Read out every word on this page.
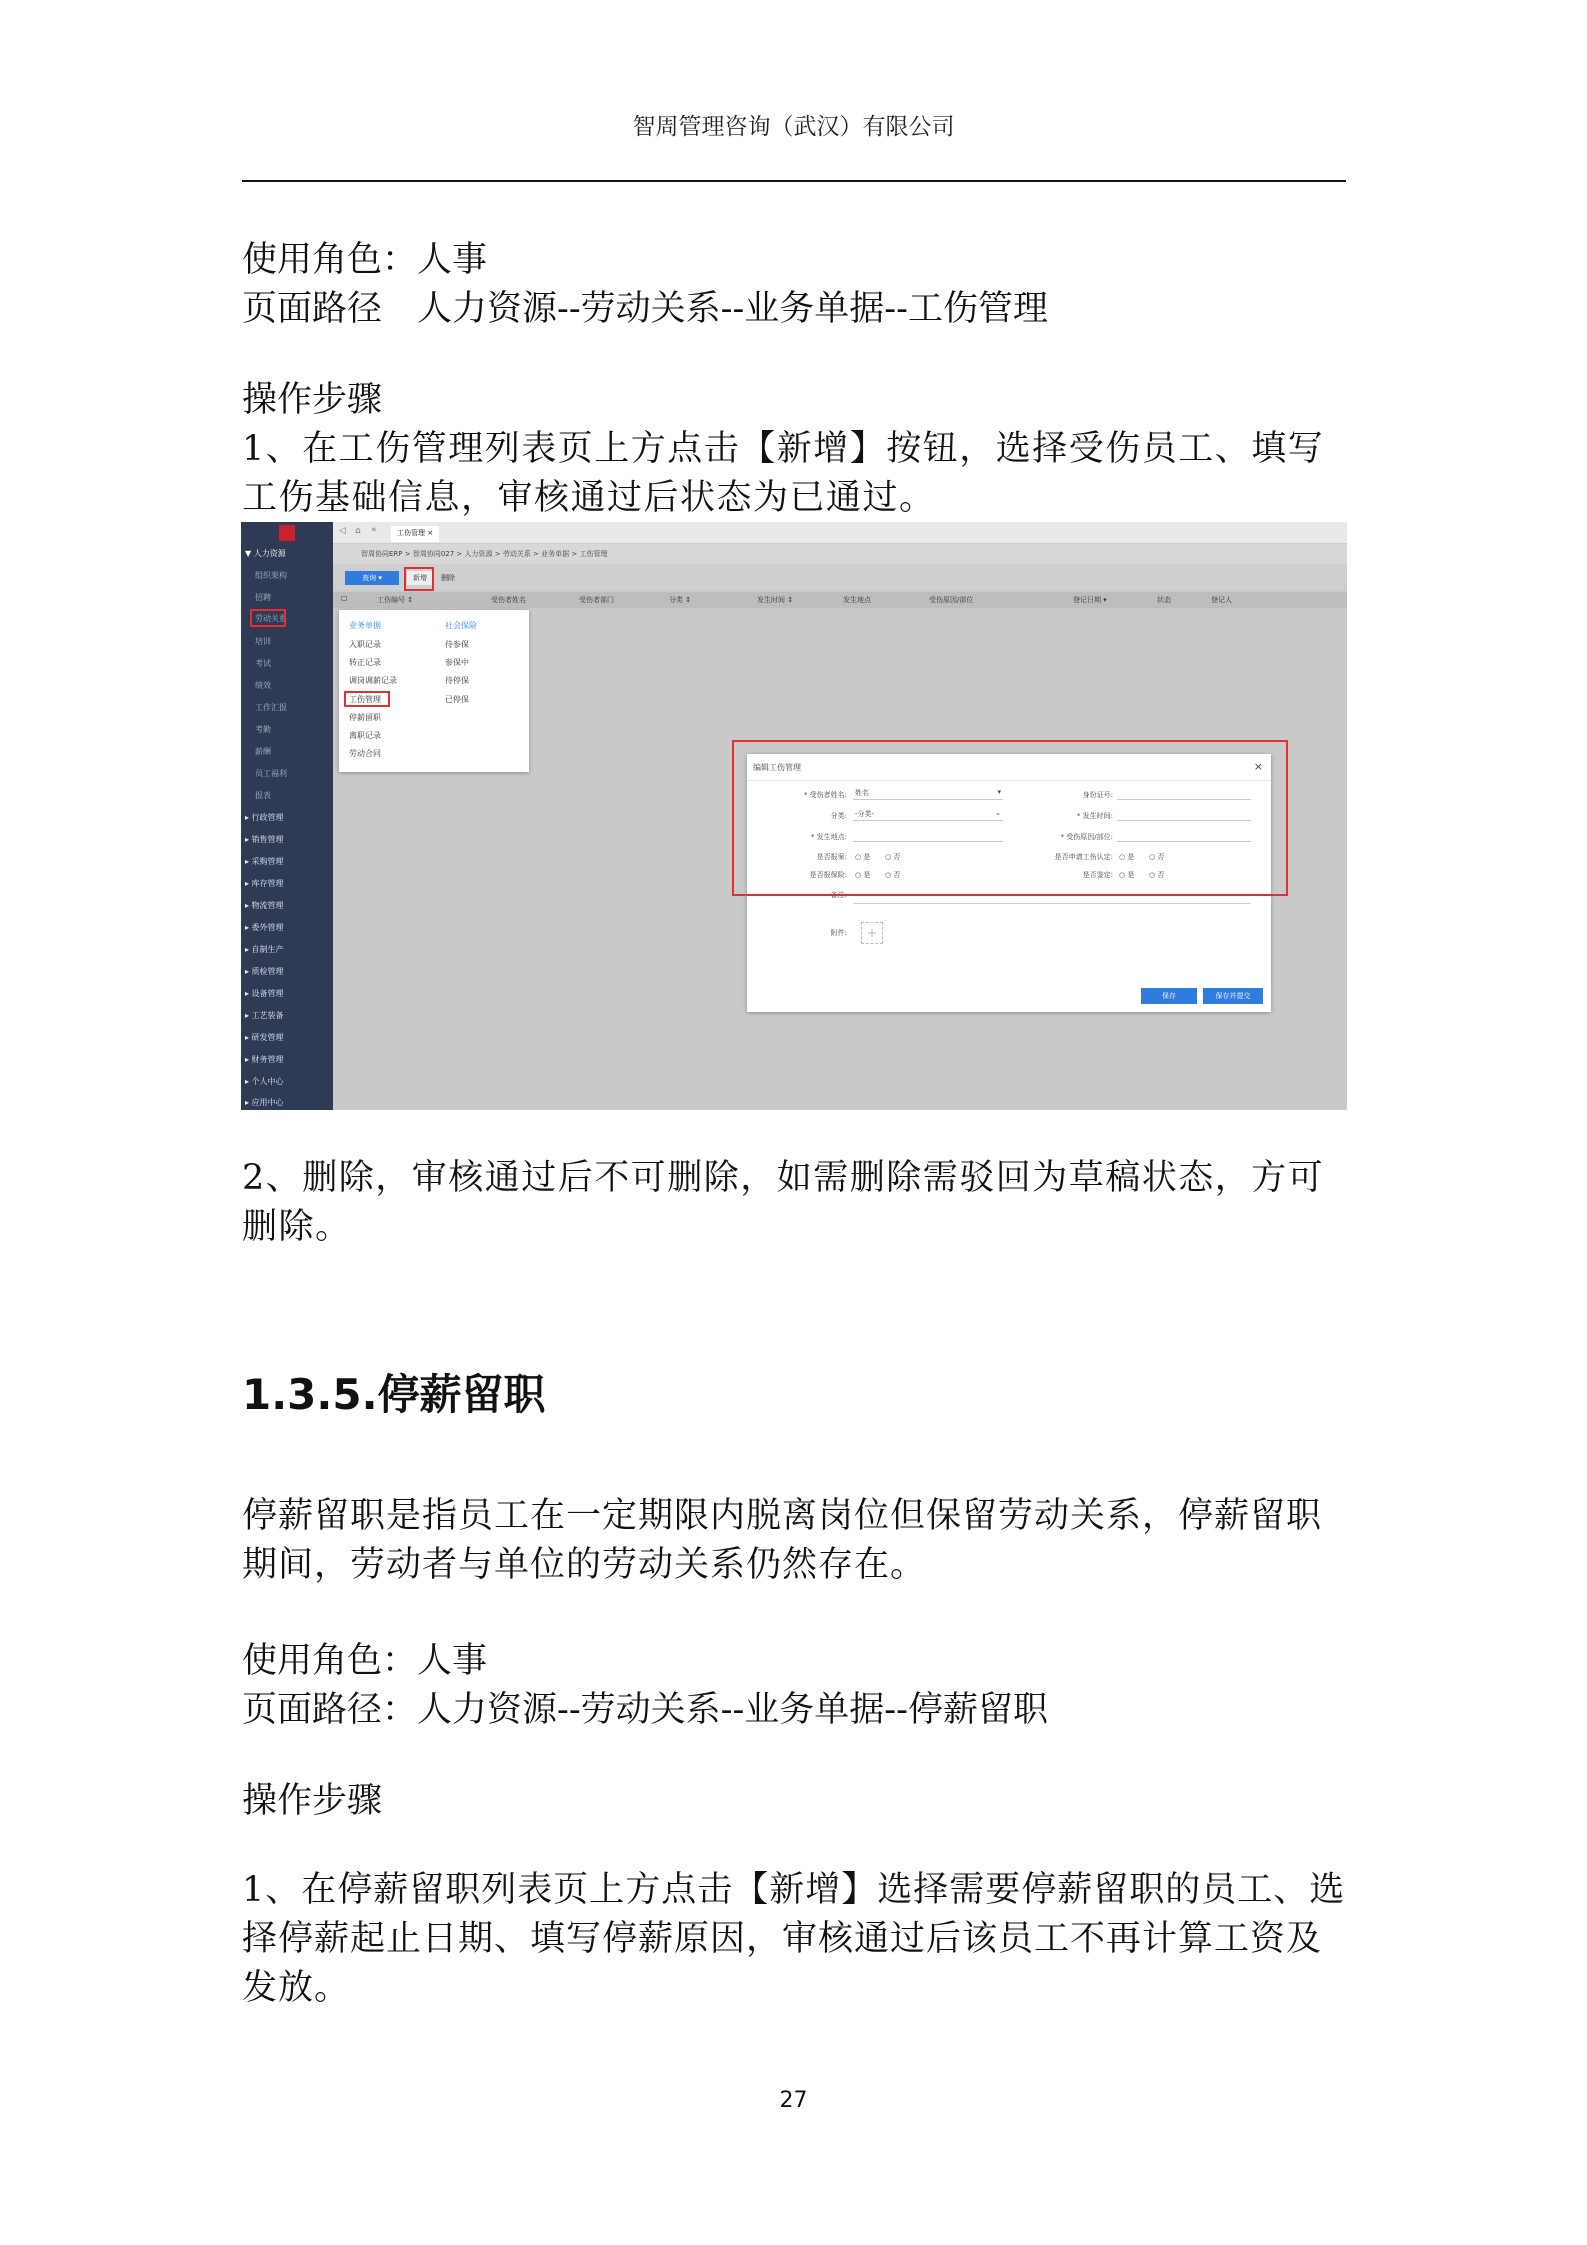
智周管理咨询（武汉）有限公司

使用角色：人事

页面路径　人力资源--劳动关系--业务单据--工伤管理

操作步骤

1、在工伤管理列表页上方点击【新增】按钮，选择受伤员工、填写工伤基础信息，审核通过后状态为已通过。

▼ 人力资源
组织架构
招聘
劳动关系
培训
考试
绩效
工作汇报
考勤
薪酬
员工福利
报表
▸ 行政管理
▸ 销售管理
▸ 采购管理
▸ 库存管理
▸ 物流管理
▸ 委外管理
▸ 自制生产
▸ 质检管理
▸ 设备管理
▸ 工艺装备
▸ 研发管理
▸ 财务管理
▸ 个人中心
▸ 应用中心
◁ ⌂ «	工伤管理 ×
智周协同ERP > 智周协同027 > 人力资源 > 劳动关系 > 业务单据 > 工伤管理
查询 ▾	新增	删除
☐	工伤编号 ↕	受伤者姓名	受伤者部门	分类 ↕	发生时间 ↕	发生地点	受伤原因/部位	登记日期 ▾	状态	登记人
业务单据
入职记录
转正记录
调岗调薪记录
工伤管理
停薪留职
离职记录
劳动合同
社会保险
待参保
参保中
待停保
已停保
编辑工伤管理	×
* 受伤者姓名: 姓名	▾	身份证号:
分类: -分类-	⌄	* 发生时间:
* 发生地点:	* 受伤原因/部位:
是否报案: ○ 是 ○ 否	是否申请工伤认定: ○ 是 ○ 否
是否报保险: ○ 是 ○ 否	是否鉴定: ○ 是 ○ 否
备注:
附件:	+
保存	保存并提交

2、删除，审核通过后不可删除，如需删除需驳回为草稿状态，方可删除。

1.3.5.停薪留职

停薪留职是指员工在一定期限内脱离岗位但保留劳动关系，停薪留职期间，劳动者与单位的劳动关系仍然存在。

使用角色：人事

页面路径：人力资源--劳动关系--业务单据--停薪留职

操作步骤

1、在停薪留职列表页上方点击【新增】选择需要停薪留职的员工、选择停薪起止日期、填写停薪原因，审核通过后该员工不再计算工资及发放。

27
